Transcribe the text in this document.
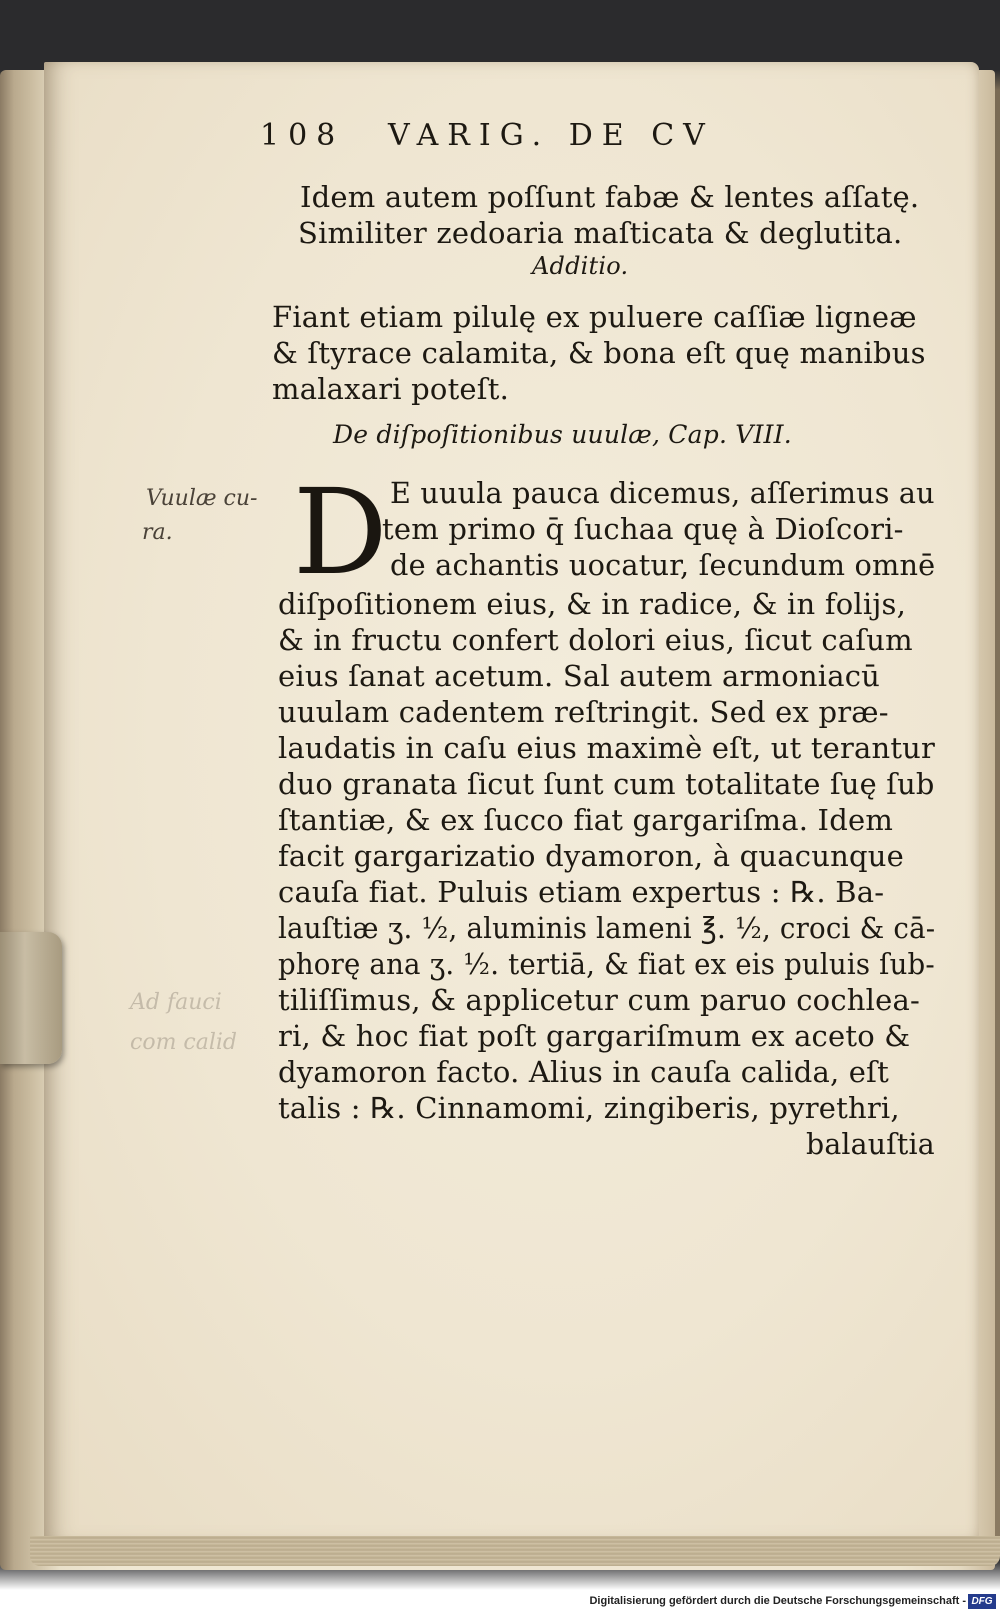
Ad fauci
com calid
108 VARIG. DE CV
Idem autem poſſunt fabæ & lentes aſſatę.
Similiter zedoaria maſticata & deglutita.
Additio.
Fiant etiam pilulę ex puluere caſſiæ ligneæ
& ſtyrace calamita, & bona eſt quę manibus
malaxari poteſt.
De diſpoſitionibus uuulæ, Cap. VIII.
D E uuula pauca dicemus, aſſerimus au
tem primo q̄ ſuchaa quę à Dioſcori-
de achantis uocatur, ſecundum omnē
diſpoſitionem eius, & in radice, & in folijs,
& in fructu confert dolori eius, ſicut caſum
eius ſanat acetum. Sal autem armoniacū
uuulam cadentem reſtringit. Sed ex præ-
laudatis in caſu eius maximè eſt, ut terantur
duo granata ſicut ſunt cum totalitate ſuę ſub
ſtantiæ, & ex ſucco fiat gargariſma. Idem
facit gargarizatio dyamoron, à quacunque
cauſa fiat. Puluis etiam expertus : ℞. Ba-
lauſtiæ ʒ. ½, aluminis lameni ℥. ½, croci & cā-
phorę ana ʒ. ½. tertiā, & fiat ex eis puluis ſub-
tiliſſimus, & applicetur cum paruo cochlea-
ri, & hoc fiat poſt gargariſmum ex aceto &
dyamoron facto. Alius in cauſa calida, eſt
talis : ℞. Cinnamomi, zingiberis, pyrethri,
balauſtia
Vuulæ cu-
ra.
Digitalisierung gefördert durch die Deutsche Forschungsgemeinschaft - DFG
